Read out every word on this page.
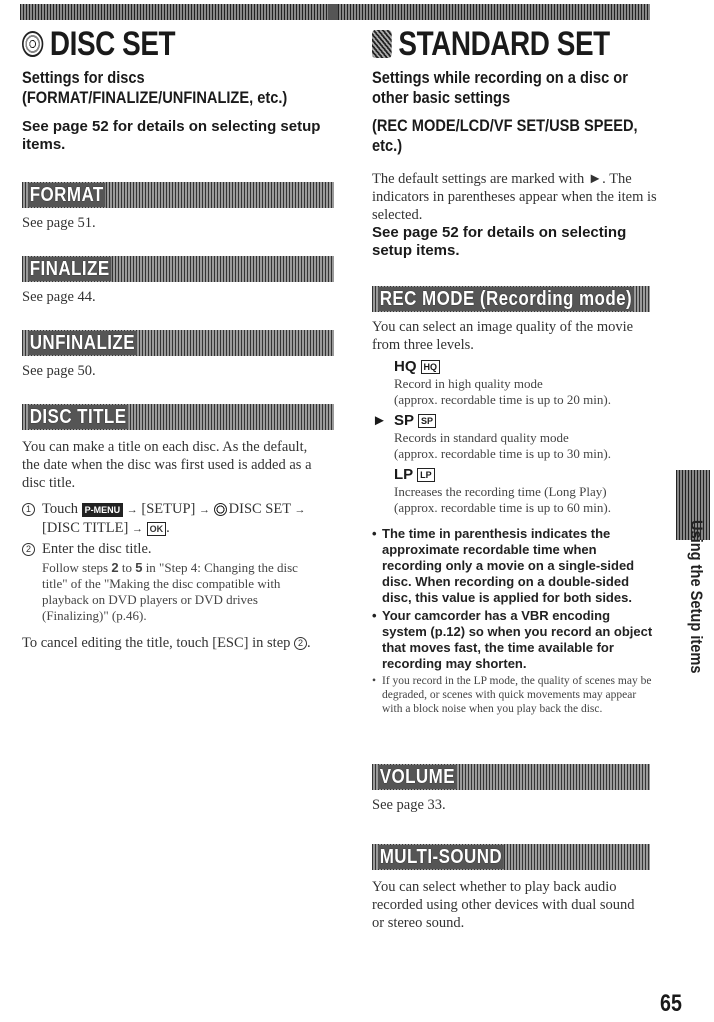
DISC SET
Settings for discs
(FORMAT/FINALIZE/UNFINALIZE, etc.)
See page 52 for details on selecting setup items.
FORMAT
See page 51.
FINALIZE
See page 44.
UNFINALIZE
See page 50.
DISC TITLE
You can make a title on each disc. As the default, the date when the disc was first used is added as a disc title.
1 Touch P-MENU → [SETUP] → DISC SET → [DISC TITLE] → OK .
2 Enter the disc title.
Follow steps 2 to 5 in "Step 4: Changing the disc title" of the "Making the disc compatible with playback on DVD players or DVD drives (Finalizing)" (p.46).
To cancel editing the title, touch [ESC] in step 2 .
STANDARD SET
Settings while recording on a disc or
other basic settings
(REC MODE/LCD/VF SET/USB SPEED,
etc.)
The default settings are marked with ►. The indicators in parentheses appear when the item is selected.
See page 52 for details on selecting setup items.
REC MODE (Recording mode)
You can select an image quality of the movie from three levels.
HQ HQ
Record in high quality mode
(approx. recordable time is up to 20 min).
► SP SP
Records in standard quality mode
(approx. recordable time is up to 30 min).
LP LP
Increases the recording time (Long Play)
(approx. recordable time is up to 60 min).
• The time in parenthesis indicates the approximate recordable time when recording only a movie on a single-sided disc. When recording on a double-sided disc, this value is applied for both sides.
• Your camcorder has a VBR encoding system (p.12) so when you record an object that moves fast, the time available for recording may shorten.
• If you record in the LP mode, the quality of scenes may be degraded, or scenes with quick movements may appear with a block noise when you play back the disc.
VOLUME
See page 33.
MULTI-SOUND
You can select whether to play back audio recorded using other devices with dual sound or stereo sound.
Using the Setup items
65
